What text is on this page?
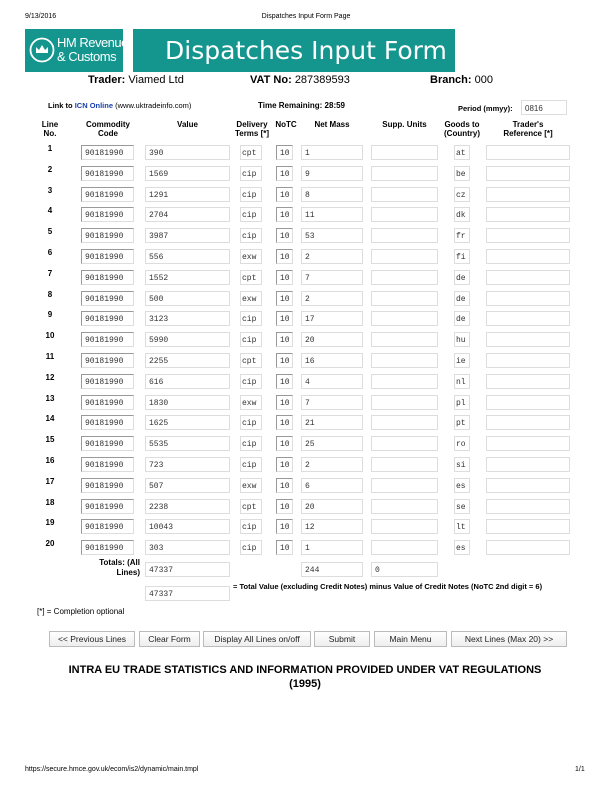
9/13/2016	Dispatches Input Form Page
HM Revenue
& Customs	Dispatches Input Form
Trader: Viamed Ltd	VAT No: 287389593	Branch: 000
Link to ICN Online (www.uktradeinfo.com)	Time Remaining: 28:59	Period (mmyy):	0816
Line
No.
Commodity
Code
Value	Delivery
Terms [*]
NoTC	Net Mass	Supp. Units	Goods to
(Country)
Trader's
Reference [*]
1
90181990	390	cpt	10	1	at
2
90181990	1569	cip	10	9	be
3
90181990	1291	cip	10	8	cz
4
90181990	2704	cip	10	11	dk
5
90181990	3987	cip	10	53	fr
6
90181990	556	exw	10	2	fi
7
90181990	1552	cpt	10	7	de
8
90181990	500	exw	10	2	de
9
90181990	3123	cip	10	17	de
10
90181990	5990	cip	10	20	hu
11
90181990	2255	cpt	10	16	ie
12
90181990	616	cip	10	4	nl
13
90181990	1830	exw	10	7	pl
14
90181990	1625	cip	10	21	pt
15
90181990	5535	cip	10	25	ro
16
90181990	723	cip	10	2	si
17
90181990	507	exw	10	6	es
18
90181990	2238	cpt	10	20	se
19
90181990	10043	cip	10	12	lt
20
90181990	303	cip	10	1	es
Totals: (All
Lines)	47337	244	0
47337
= Total Value (excluding Credit Notes) minus Value of Credit Notes (NoTC 2nd digit = 6)
[*] = Completion optional
<< Previous Lines	Clear Form	Display All Lines on/off	Submit	Main Menu	Next Lines (Max 20) >>
INTRA EU TRADE STATISTICS AND INFORMATION PROVIDED UNDER VAT REGULATIONS (1995)
https://secure.hmce.gov.uk/ecom/is2/dynamic/main.tmpl	1/1
